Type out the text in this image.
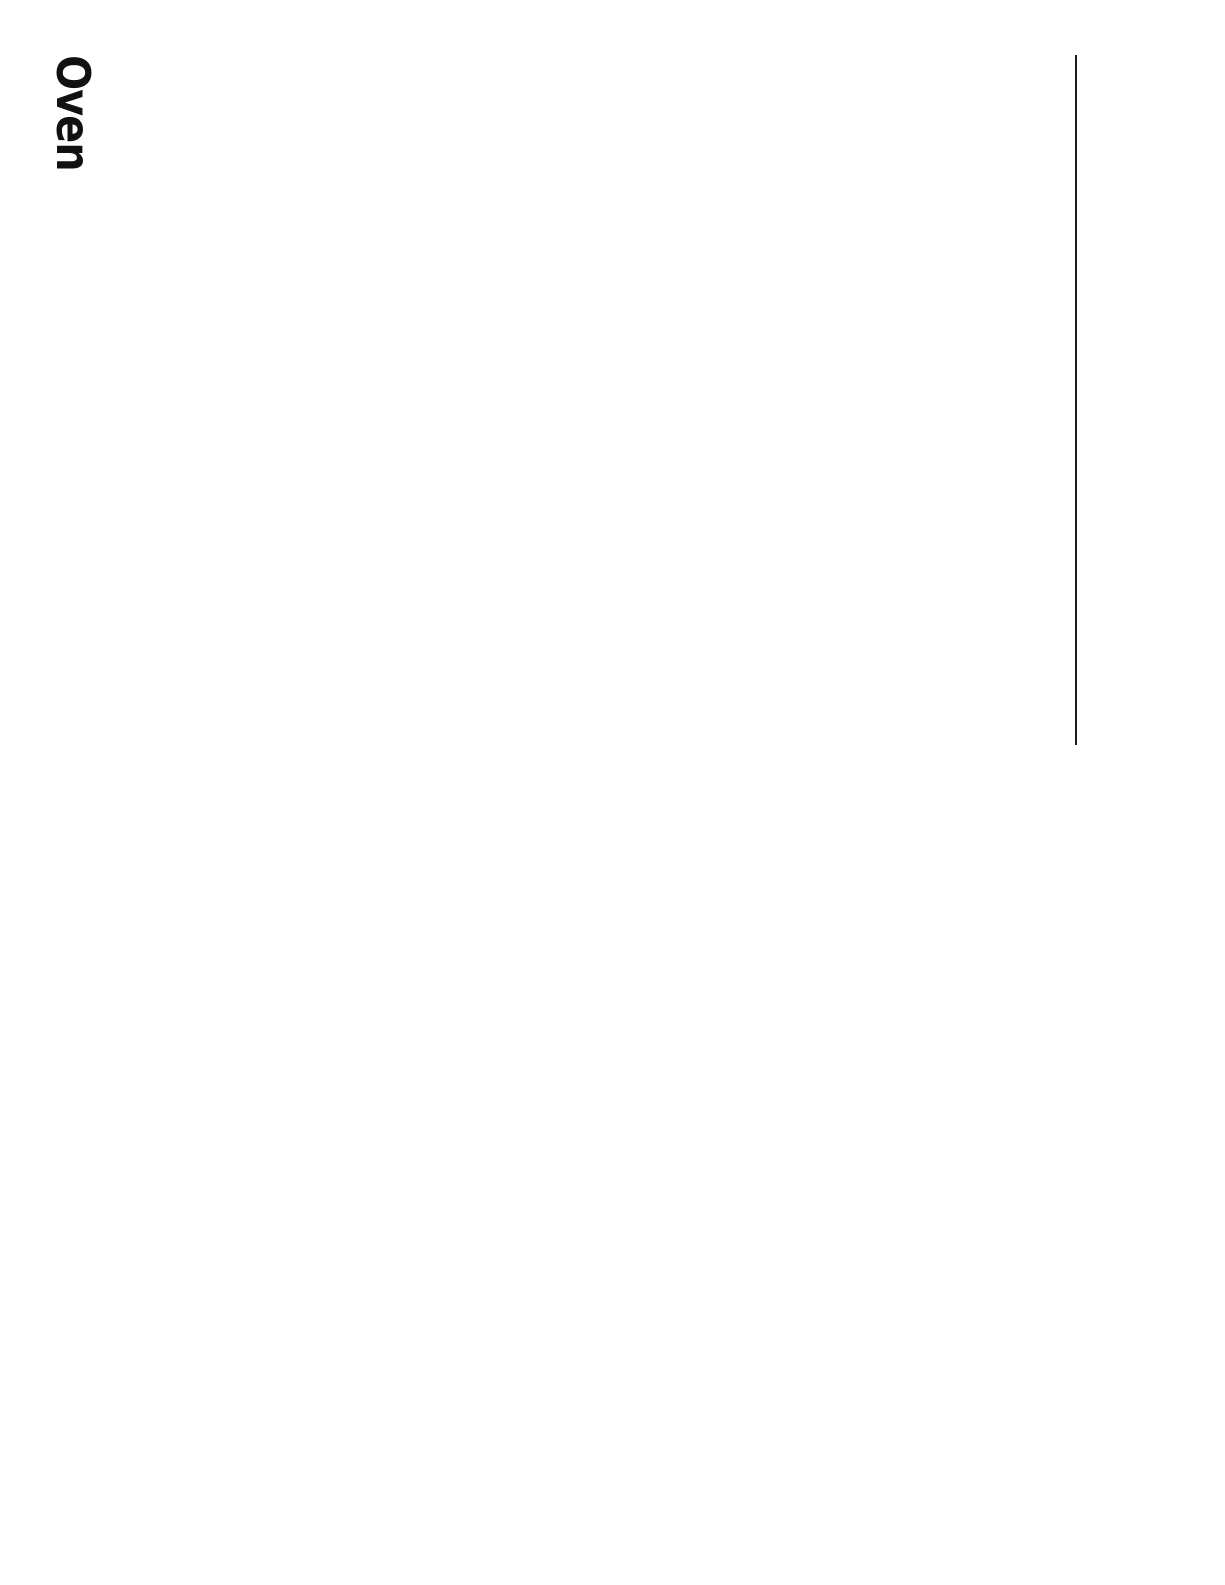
Oven
